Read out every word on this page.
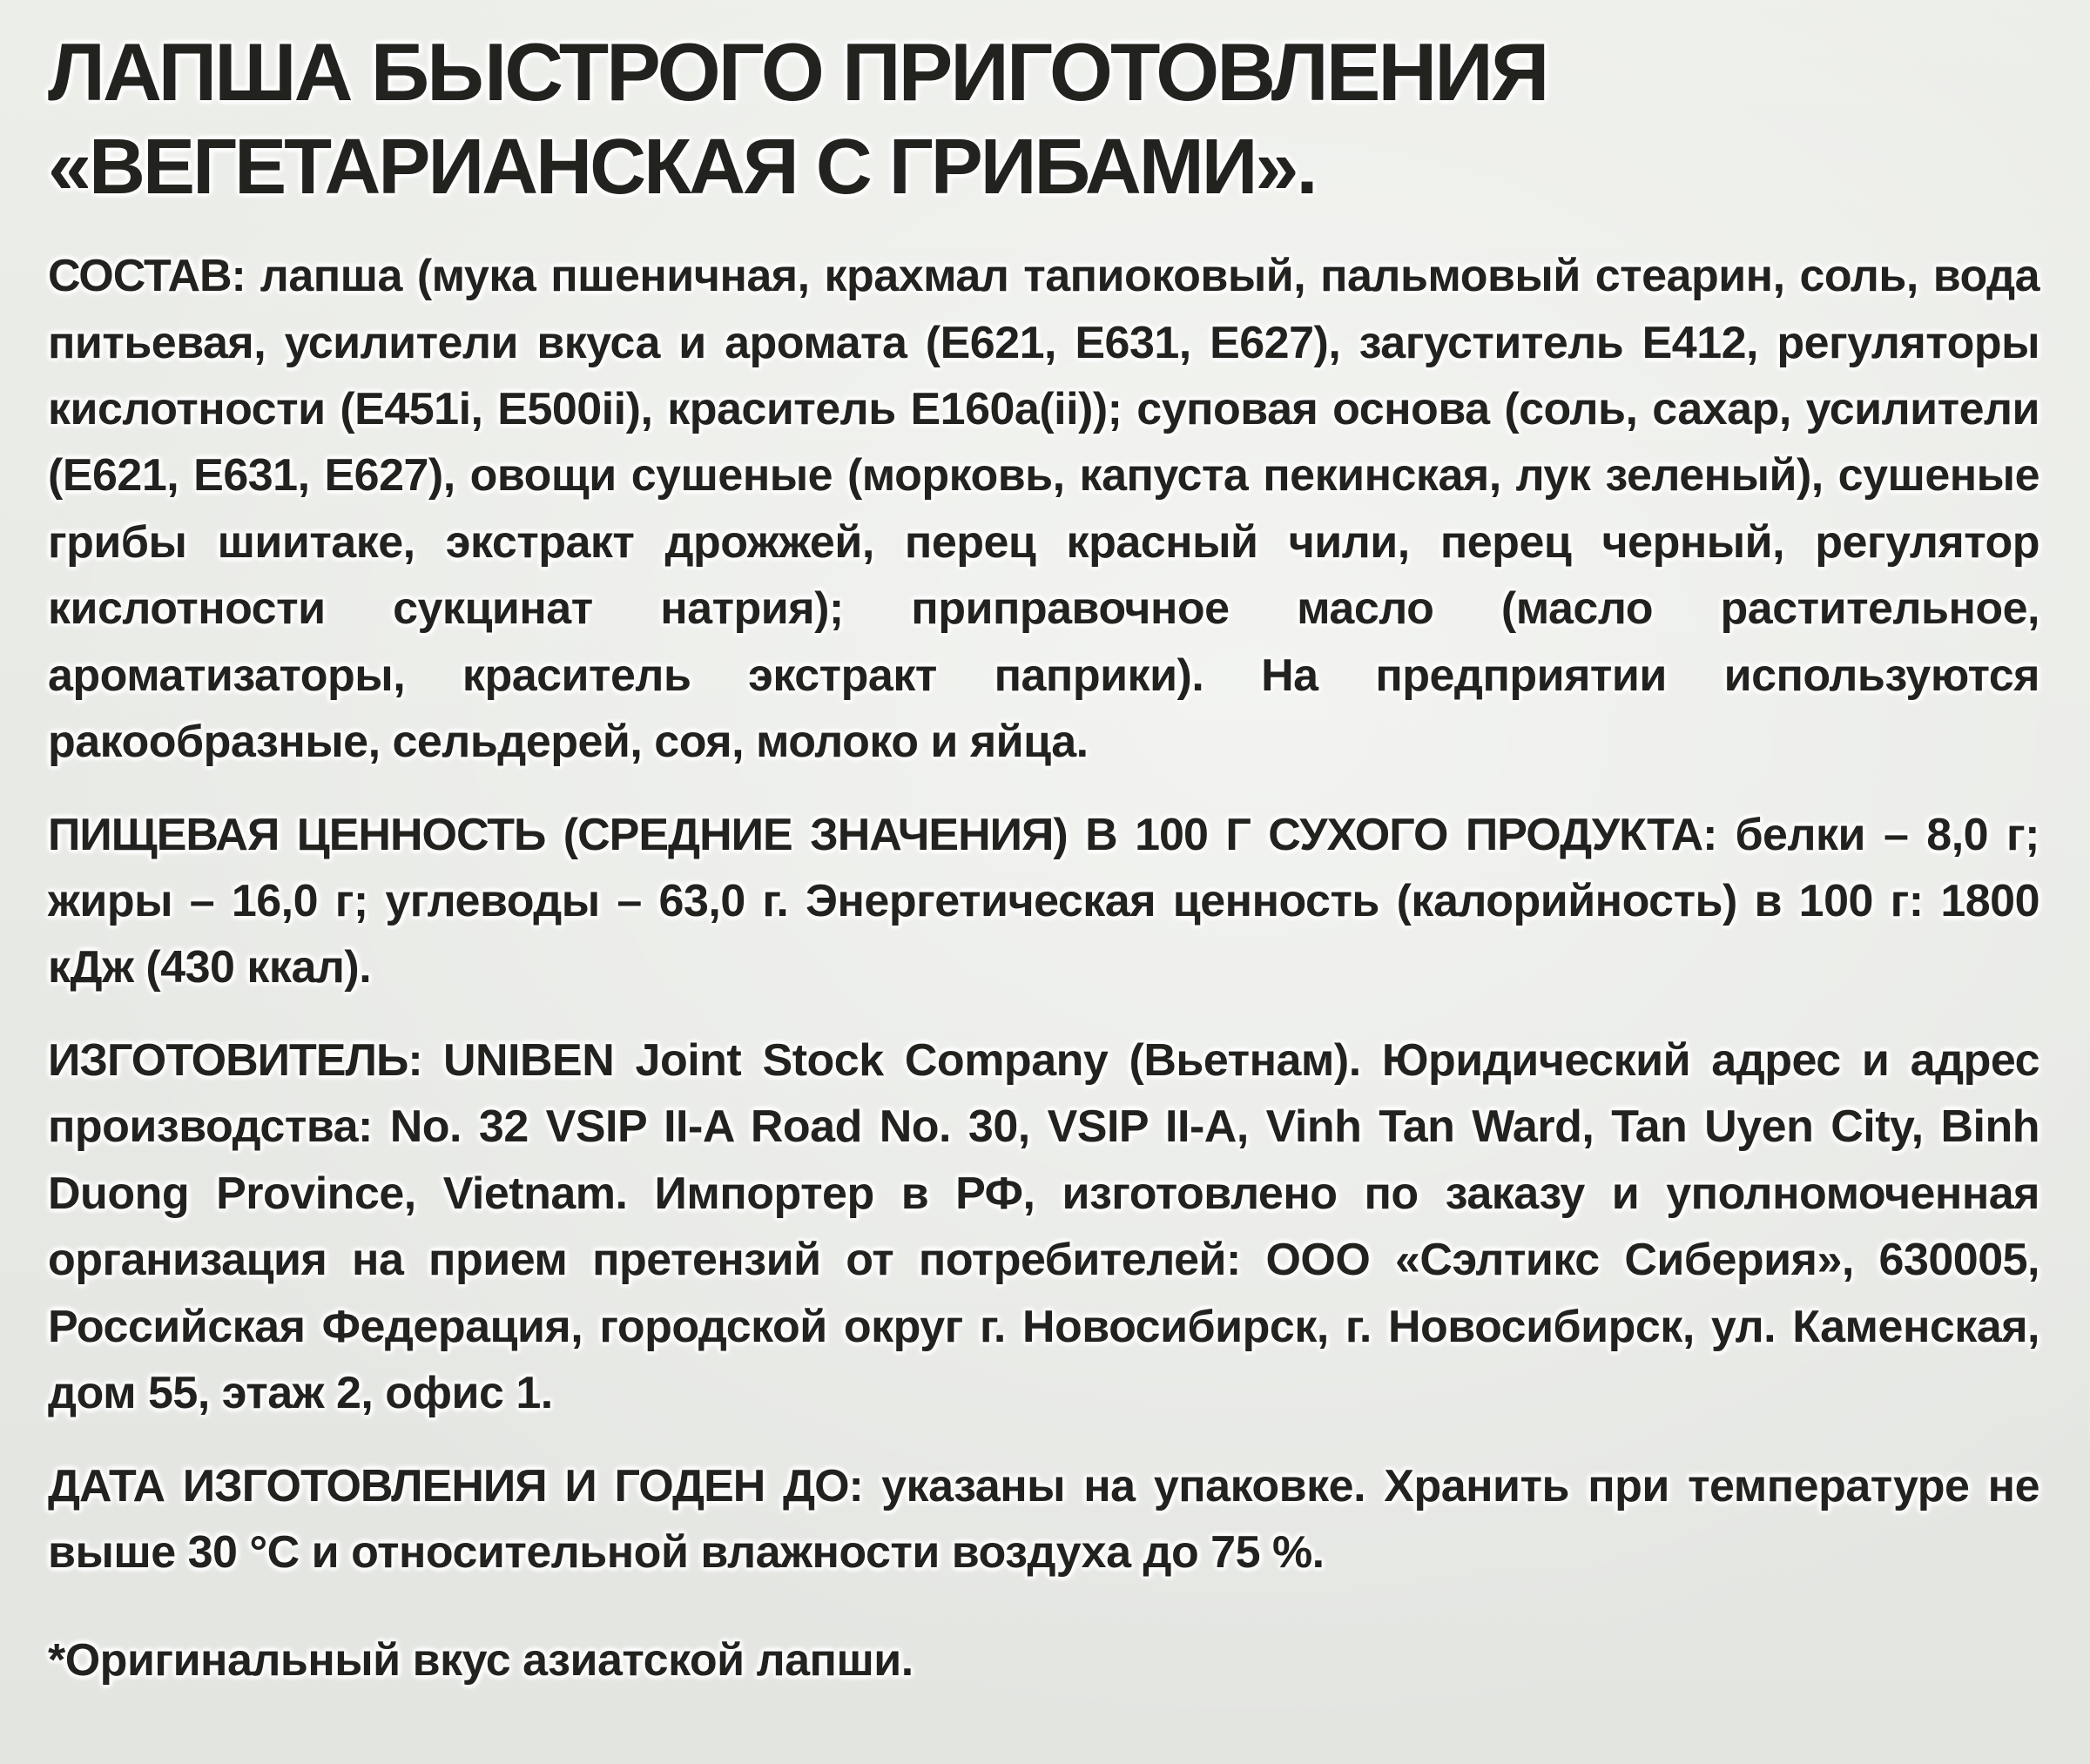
ЛАПША БЫСТРОГО ПРИГОТОВЛЕНИЯ
«ВЕГЕТАРИАНСКАЯ С ГРИБАМИ».

СОСТАВ: лапша (мука пшеничная, крахмал тапиоковый, пальмовый стеарин, соль, вода питьевая, усилители вкуса и аромата (Е621, Е631, Е627), загуститель Е412, регуляторы кислотности (Е451i, Е500ii), краситель Е160а(ii)); суповая основа (соль, сахар, усилители (Е621, Е631, Е627), овощи сушеные (морковь, капуста пекинская, лук зеленый), сушеные грибы шиитаке, экстракт дрожжей, перец красный чили, перец черный, регулятор кислотности сукцинат натрия); приправочное масло (масло растительное, ароматизаторы, краситель экстракт паприки). На предприятии используются ракообразные, сельдерей, соя, молоко и яйца.

ПИЩЕВАЯ ЦЕННОСТЬ (СРЕДНИЕ ЗНАЧЕНИЯ) В 100 Г СУХОГО ПРОДУКТА: белки – 8,0 г; жиры – 16,0 г; углеводы – 63,0 г. Энергетическая ценность (калорийность) в 100 г: 1800 кДж (430 ккал).

ИЗГОТОВИТЕЛЬ: UNIBEN Joint Stock Company (Вьетнам). Юридический адрес и адрес производства: No. 32 VSIP II-A Road No. 30, VSIP II-A, Vinh Tan Ward, Tan Uyen City, Binh Duong Province, Vietnam. Импортер в РФ, изготовлено по заказу и уполномоченная организация на прием претензий от потребителей: ООО «Сэлтикс Сиберия», 630005, Российская Федерация, городской округ г. Новосибирск, г. Новосибирск, ул. Каменская, дом 55, этаж 2, офис 1.

ДАТА ИЗГОТОВЛЕНИЯ И ГОДЕН ДО: указаны на упаковке. Хранить при температуре не выше 30 °C и относительной влажности воздуха до 75 %.

*Оригинальный вкус азиатской лапши.
